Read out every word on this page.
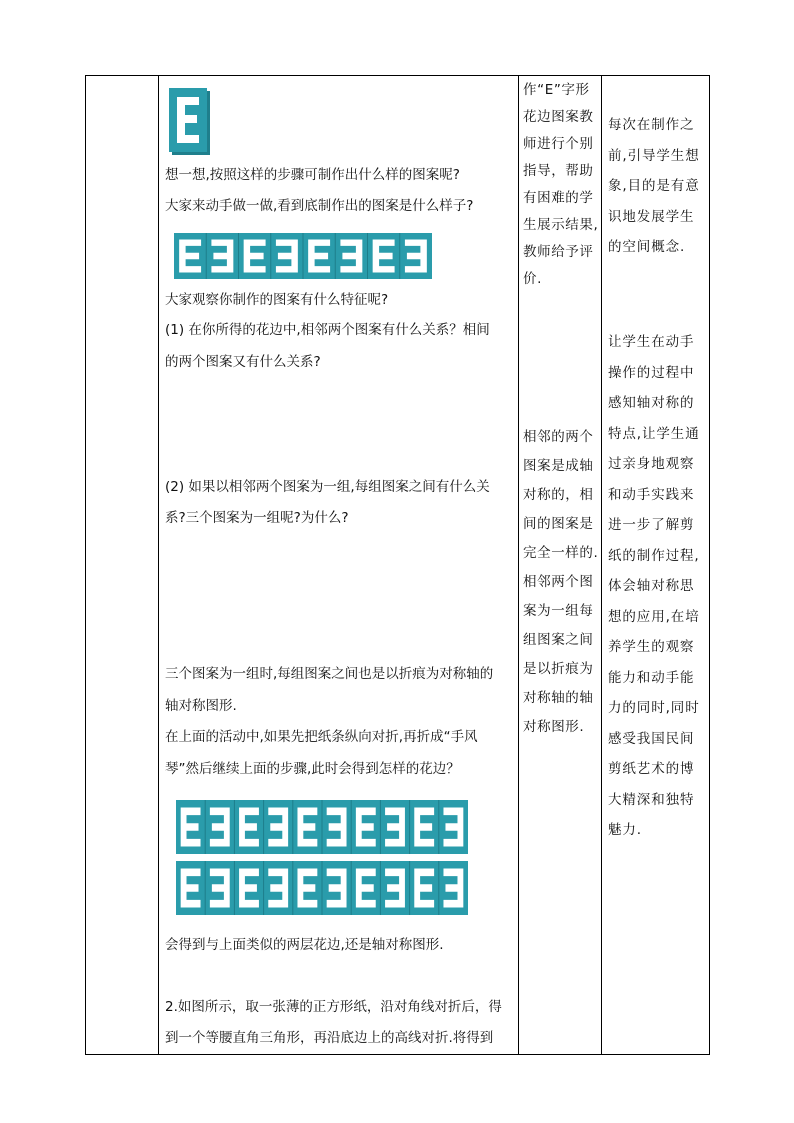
想一想,按照这样的步骤可制作出什么样的图案呢?
大家来动手做一做,看到底制作出的图案是什么样子?
大家观察你制作的图案有什么特征呢?
(1) 在你所得的花边中,相邻两个图案有什么关系？相间
的两个图案又有什么关系?
(2) 如果以相邻两个图案为一组,每组图案之间有什么关
系?三个图案为一组呢?为什么?
三个图案为一组时,每组图案之间也是以折痕为对称轴的
轴对称图形.
在上面的活动中,如果先把纸条纵向对折,再折成“手风
琴”然后继续上面的步骤,此时会得到怎样的花边？
会得到与上面类似的两层花边,还是轴对称图形.
2.如图所示，取一张薄的正方形纸，沿对角线对折后，得
到一个等腰直角三角形，再沿底边上的高线对折.将得到
作“E”字形
花边图案教
师进行个别
指导，帮助
有困难的学
生展示结果,
教师给予评
价.
相邻的两个
图案是成轴
对称的，相
间的图案是
完全一样的.
相邻两个图
案为一组每
组图案之间
是以折痕为
对称轴的轴
对称图形.
每次在制作之
前,引导学生想
象,目的是有意
识地发展学生
的空间概念.
让学生在动手
操作的过程中
感知轴对称的
特点,让学生通
过亲身地观察
和动手实践来
进一步了解剪
纸的制作过程,
体会轴对称思
想的应用,在培
养学生的观察
能力和动手能
力的同时,同时
感受我国民间
剪纸艺术的博
大精深和独特
魅力.
